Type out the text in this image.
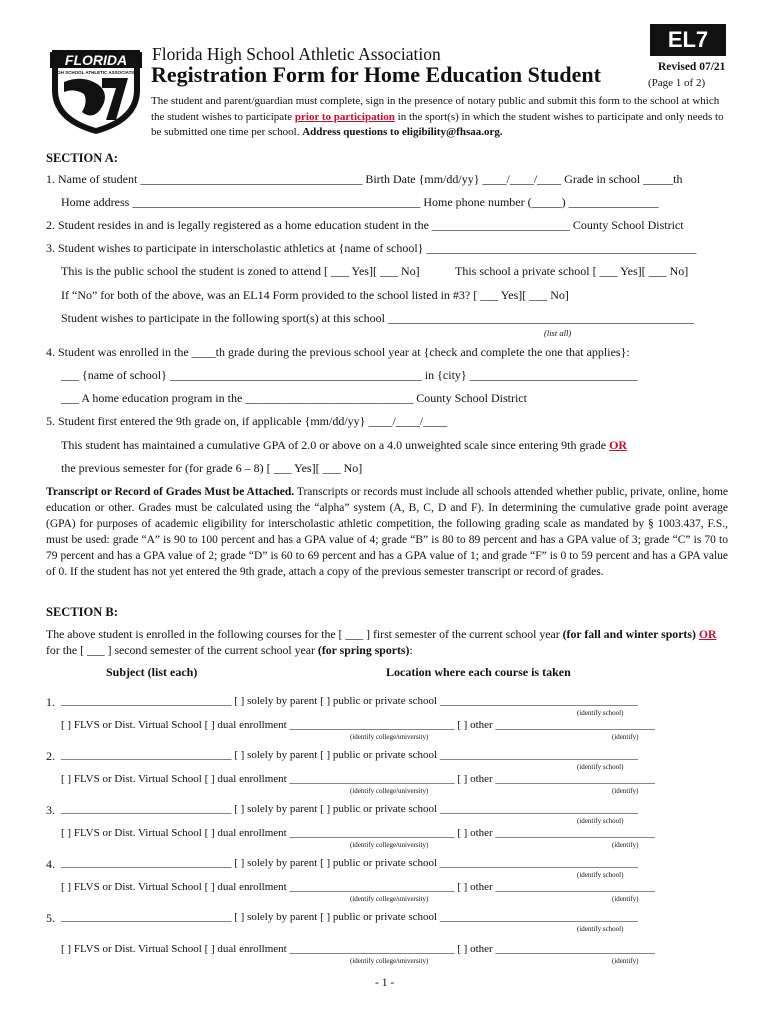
FLORIDA
HIGH SCHOOL ATHLETIC ASSOCIATION
Florida High School Athletic Association
Registration Form for Home Education Student
EL7
Revised 07/21
(Page 1 of 2)
The student and parent/guardian must complete, sign in the presence of notary public and submit this form to the school at which the student wishes to participate prior to participation in the sport(s) in which the student wishes to participate and only needs to be submitted one time per school. Address questions to eligibility@fhsaa.org.
SECTION A:
1. Name of student _____________________________________ Birth Date {mm/dd/yy} ____/____/____ Grade in school _____th
Home address ________________________________________________ Home phone number (_____) _______________
2. Student resides in and is legally registered as a home education student in the _______________________ County School District
3. Student wishes to participate in interscholastic athletics at {name of school} _____________________________________________
This is the public school the student is zoned to attend [ ___ Yes][ ___ No]	This school a private school [ ___ Yes][ ___ No]
If “No” for both of the above, was an EL14 Form provided to the school listed in #3? [ ___ Yes][ ___ No]
Student wishes to participate in the following sport(s) at this school ___________________________________________________
(list all)
4. Student was enrolled in the ____th grade during the previous school year at {check and complete the one that applies}:
___ {name of school} __________________________________________ in {city} ____________________________
___ A home education program in the ____________________________ County School District
5. Student first entered the 9th grade on, if applicable {mm/dd/yy} ____/____/____
This student has maintained a cumulative GPA of 2.0 or above on a 4.0 unweighted scale since entering 9th grade OR
the previous semester for (for grade 6 – 8) [ ___ Yes][ ___ No]
Transcript or Record of Grades Must be Attached. Transcripts or records must include all schools attended whether public, private, online, home education or other. Grades must be calculated using the “alpha” system (A, B, C, D and F). In determining the cumulative grade point average (GPA) for purposes of academic eligibility for interscholastic athletic competition, the following grading scale as mandated by § 1003.437, F.S., must be used: grade “A” is 90 to 100 percent and has a GPA value of 4; grade “B” is 80 to 89 percent and has a GPA value of 3; grade “C” is 70 to 79 percent and has a GPA value of 2; grade “D” is 60 to 69 percent and has a GPA value of 1; and grade “F” is 0 to 59 percent and has a GPA value of 0. If the student has not yet entered the 9th grade, attach a copy of the previous semester transcript or record of grades.
SECTION B:
The above student is enrolled in the following courses for the [ ___ ] first semester of the current school year (for fall and winter sports) OR for the [ ___ ] second semester of the current school year (for spring sports):
Subject (list each)	Location where each course is taken
1. _______________________________ [ ] solely by parent [ ] public or private school ____________________________________
(identify school)
[ ] FLVS or Dist. Virtual School [ ] dual enrollment ______________________________ [ ] other _____________________________
(identify college/university)	(identify)
2. _______________________________ [ ] solely by parent [ ] public or private school ____________________________________
(identify school)
[ ] FLVS or Dist. Virtual School [ ] dual enrollment ______________________________ [ ] other _____________________________
(identify college/university)	(identify)
3. _______________________________ [ ] solely by parent [ ] public or private school ____________________________________
(identify school)
[ ] FLVS or Dist. Virtual School [ ] dual enrollment ______________________________ [ ] other _____________________________
(identify college/university)	(identify)
4. _______________________________ [ ] solely by parent [ ] public or private school ____________________________________
(identify school)
[ ] FLVS or Dist. Virtual School [ ] dual enrollment ______________________________ [ ] other _____________________________
(identify college/university)	(identify)
5. _______________________________ [ ] solely by parent [ ] public or private school ____________________________________
(identify school)
[ ] FLVS or Dist. Virtual School [ ] dual enrollment ______________________________ [ ] other _____________________________
(identify college/university)	(identify)
- 1 -
